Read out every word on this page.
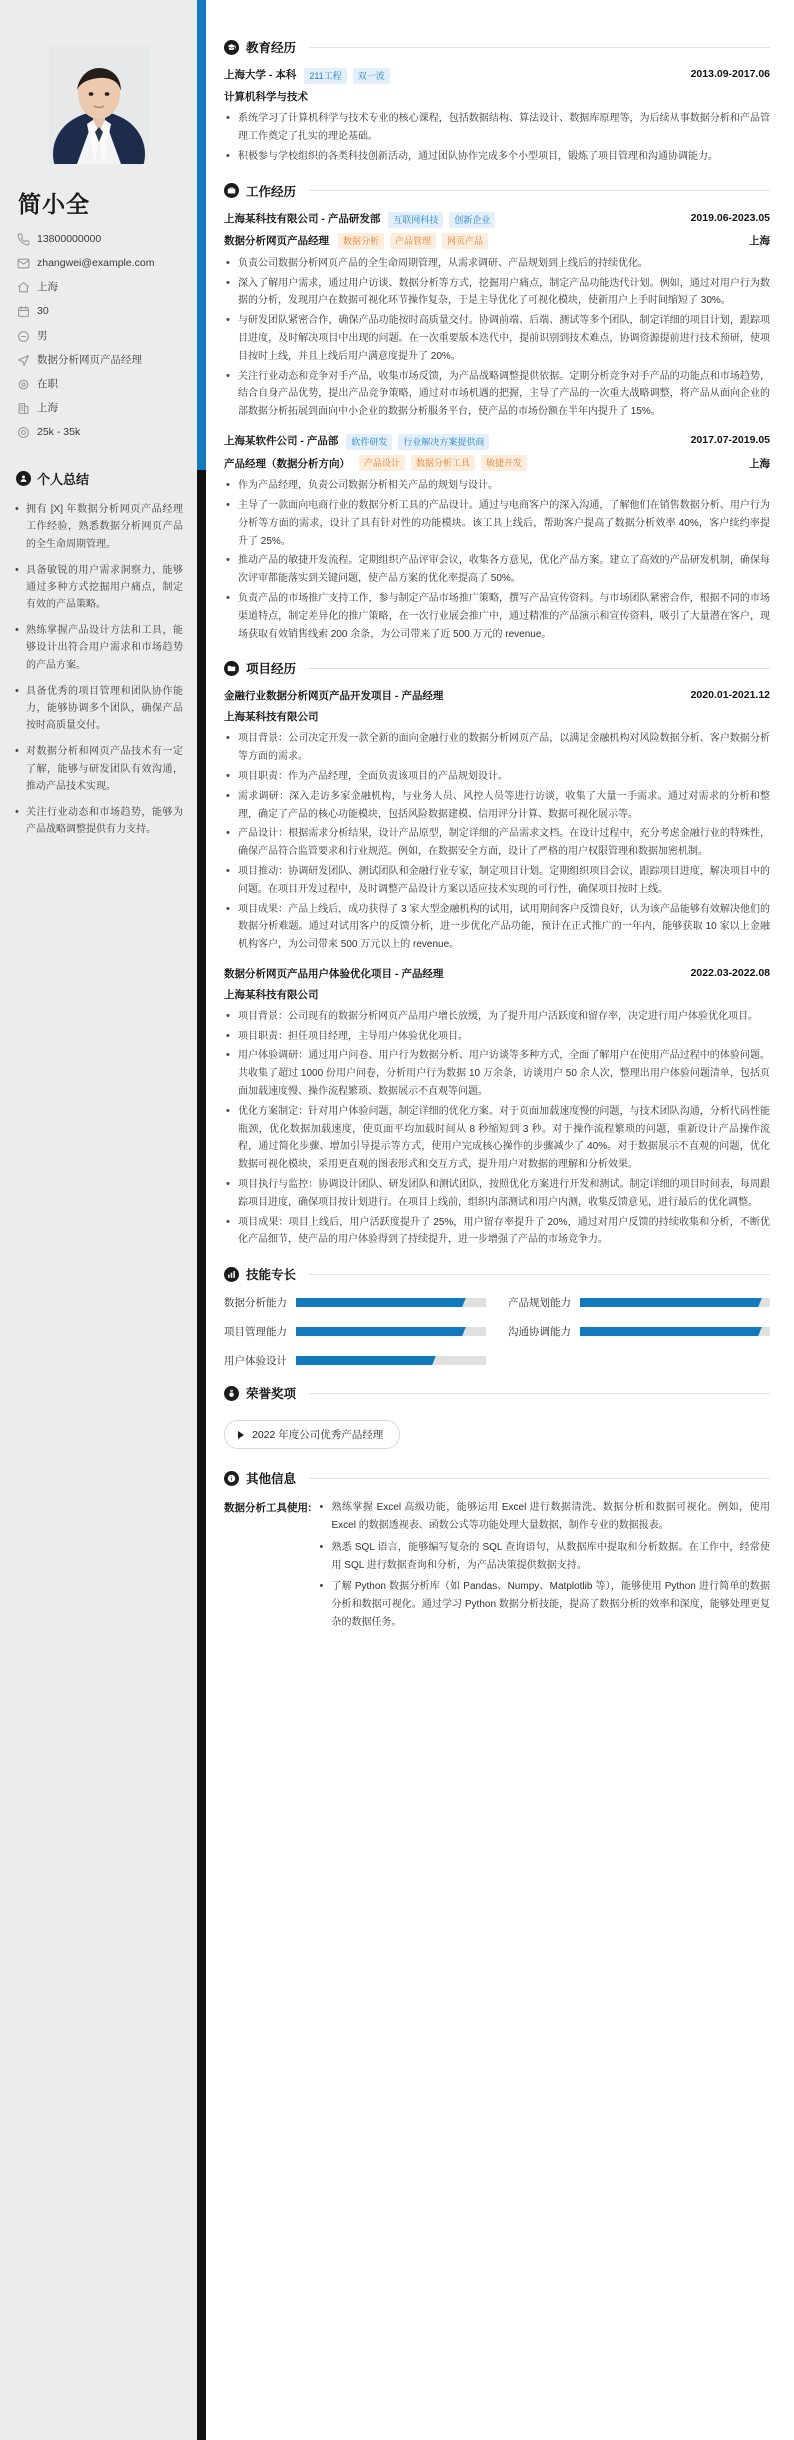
简小全
13800000000
zhangwei@example.com
上海
30
男
数据分析网页产品经理
在职
上海
25k - 35k
个人总结
• 拥有 [X] 年数据分析网页产品经理工作经验，熟悉数据分析网页产品的全生命周期管理。
• 具备敏锐的用户需求洞察力，能够通过多种方式挖掘用户痛点，制定有效的产品策略。
• 熟练掌握产品设计方法和工具，能够设计出符合用户需求和市场趋势的产品方案。
• 具备优秀的项目管理和团队协作能力，能够协调多个团队，确保产品按时高质量交付。
• 对数据分析和网页产品技术有一定了解，能够与研发团队有效沟通，推动产品技术实现。
• 关注行业动态和市场趋势，能够为产品战略调整提供有力支持。
教育经历
上海大学 - 本科	211工程	双一流	2013.09-2017.06
计算机科学与技术
• 系统学习了计算机科学与技术专业的核心课程，包括数据结构、算法设计、数据库原理等，为后续从事数据分析和产品管理工作奠定了扎实的理论基础。
• 积极参与学校组织的各类科技创新活动，通过团队协作完成多个小型项目，锻炼了项目管理和沟通协调能力。
工作经历
上海某科技有限公司 - 产品研发部	互联网科技	创新企业	2019.06-2023.05
数据分析网页产品经理	数据分析	产品管理	网页产品	上海
• 负责公司数据分析网页产品的全生命周期管理，从需求调研、产品规划到上线后的持续优化。
• 深入了解用户需求，通过用户访谈、数据分析等方式，挖掘用户痛点，制定产品功能迭代计划。例如，通过对用户行为数据的分析，发现用户在数据可视化环节操作复杂，于是主导优化了可视化模块，使新用户上手时间缩短了 30%。
• 与研发团队紧密合作，确保产品功能按时高质量交付。协调前端、后端、测试等多个团队，制定详细的项目计划，跟踪项目进度，及时解决项目中出现的问题。在一次重要版本迭代中，提前识别到技术难点，协调资源提前进行技术预研，使项目按时上线，并且上线后用户满意度提升了 20%。
• 关注行业动态和竞争对手产品，收集市场反馈，为产品战略调整提供依据。定期分析竞争对手产品的功能点和市场趋势，结合自身产品优势，提出产品竞争策略，通过对市场机遇的把握，主导了产品的一次重大战略调整，将产品从面向企业的部数据分析拓展到面向中小企业的数据分析服务平台，使产品的市场份额在半年内提升了 15%。
上海某软件公司 - 产品部	软件研发	行业解决方案提供商	2017.07-2019.05
产品经理（数据分析方向）	产品设计	数据分析工具	敏捷开发	上海
• 作为产品经理，负责公司数据分析相关产品的规划与设计。
• 主导了一款面向电商行业的数据分析工具的产品设计。通过与电商客户的深入沟通，了解他们在销售数据分析、用户行为分析等方面的需求，设计了具有针对性的功能模块。该工具上线后，帮助客户提高了数据分析效率 40%，客户续约率提升了 25%。
• 推动产品的敏捷开发流程。定期组织产品评审会议，收集各方意见，优化产品方案。建立了高效的产品研发机制，确保每次评审都能落实到关键问题，使产品方案的优化率提高了 50%。
• 负责产品的市场推广支持工作，参与制定产品市场推广策略，撰写产品宣传资料。与市场团队紧密合作，根据不同的市场渠道特点，制定差异化的推广策略，在一次行业展会推广中，通过精准的产品演示和宣传资料，吸引了大量潜在客户，现场获取有效销售线索 200 余条，为公司带来了近 500 万元的 revenue。
项目经历
金融行业数据分析网页产品开发项目 - 产品经理	2020.01-2021.12
上海某科技有限公司
• 项目背景：公司决定开发一款全新的面向金融行业的数据分析网页产品，以满足金融机构对风险数据分析、客户数据分析等方面的需求。
• 项目职责：作为产品经理，全面负责该项目的产品规划设计。
• 需求调研：深入走访多家金融机构，与业务人员、风控人员等进行访谈，收集了大量一手需求。通过对需求的分析和整理，确定了产品的核心功能模块，包括风险数据建模、信用评分计算、数据可视化展示等。
• 产品设计：根据需求分析结果，设计产品原型，制定详细的产品需求文档。在设计过程中，充分考虑金融行业的特殊性，确保产品符合监管要求和行业规范。例如，在数据安全方面，设计了严格的用户权限管理和数据加密机制。
• 项目推动：协调研发团队、测试团队和金融行业专家，制定项目计划。定期组织项目会议，跟踪项目进度，解决项目中的问题。在项目开发过程中，及时调整产品设计方案以适应技术实现的可行性，确保项目按时上线。
• 项目成果：产品上线后，成功获得了 3 家大型金融机构的试用，试用期间客户反馈良好，认为该产品能够有效解决他们的数据分析难题。通过对试用客户的反馈分析，进一步优化产品功能，预计在正式推广的一年内，能够获取 10 家以上金融机构客户，为公司带来 500 万元以上的 revenue。
数据分析网页产品用户体验优化项目 - 产品经理	2022.03-2022.08
上海某科技有限公司
• 项目背景：公司现有的数据分析网页产品用户增长放缓，为了提升用户活跃度和留存率，决定进行用户体验优化项目。
• 项目职责：担任项目经理，主导用户体验优化项目。
• 用户体验调研：通过用户问卷、用户行为数据分析、用户访谈等多种方式，全面了解用户在使用产品过程中的体验问题。共收集了超过 1000 份用户问卷，分析用户行为数据 10 万余条，访谈用户 50 余人次，整理出用户体验问题清单，包括页面加载速度慢、操作流程繁琐、数据展示不直观等问题。
• 优化方案制定：针对用户体验问题，制定详细的优化方案。对于页面加载速度慢的问题，与技术团队沟通，分析代码性能瓶颈，优化数据加载速度，使页面平均加载时间从 8 秒缩短到 3 秒。对于操作流程繁琐的问题，重新设计产品操作流程，通过简化步骤、增加引导提示等方式，使用户完成核心操作的步骤减少了 40%。对于数据展示不直观的问题，优化数据可视化模块，采用更直观的图表形式和交互方式，提升用户对数据的理解和分析效果。
• 项目执行与监控：协调设计团队、研发团队和测试团队，按照优化方案进行开发和测试。制定详细的项目时间表，每周跟踪项目进度，确保项目按计划进行。在项目上线前，组织内部测试和用户内测，收集反馈意见，进行最后的优化调整。
• 项目成果：项目上线后，用户活跃度提升了 25%，用户留存率提升了 20%，通过对用户反馈的持续收集和分析，不断优化产品细节，使产品的用户体验得到了持续提升，进一步增强了产品的市场竞争力。
技能专长
数据分析能力	产品规划能力
项目管理能力	沟通协调能力
用户体验设计
荣誉奖项
2022 年度公司优秀产品经理
其他信息
数据分析工具使用:	• 熟练掌握 Excel 高级功能，能够运用 Excel 进行数据清洗、数据分析和数据可视化。例如，使用 Excel 的数据透视表、函数公式等功能处理大量数据，制作专业的数据报表。
• 熟悉 SQL 语言，能够编写复杂的 SQL 查询语句，从数据库中提取和分析数据。在工作中，经常使用 SQL 进行数据查询和分析，为产品决策提供数据支持。
• 了解 Python 数据分析库（如 Pandas、Numpy、Matplotlib 等），能够使用 Python 进行简单的数据分析和数据可视化。通过学习 Python 数据分析技能，提高了数据分析的效率和深度，能够处理更复杂的数据任务。
